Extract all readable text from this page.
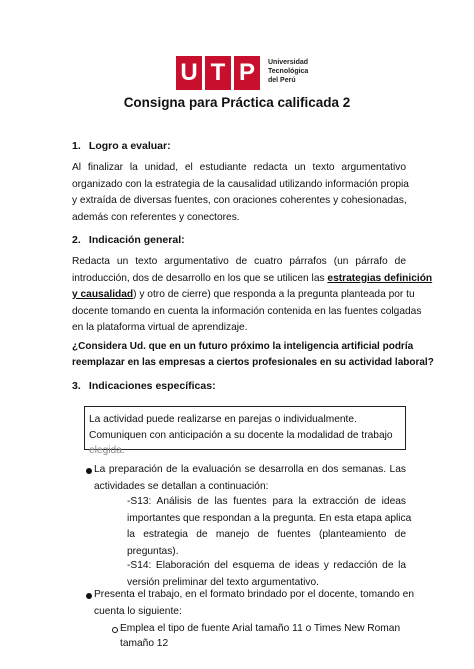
U T P	Universidad
Tecnológica
del Perú
Consigna para Práctica calificada 2
1. Logro a evaluar:
Al finalizar la unidad, el estudiante redacta un texto argumentativo
organizado con la estrategia de la causalidad utilizando información propia
y extraída de diversas fuentes, con oraciones coherentes y cohesionadas,
además con referentes y conectores.
2. Indicación general:
Redacta un texto argumentativo de cuatro párrafos (un párrafo de
introducción, dos de desarrollo en los que se utilicen las estrategias definición
y causalidad) y otro de cierre) que responda a la pregunta planteada por tu
docente tomando en cuenta la información contenida en las fuentes colgadas
en la plataforma virtual de aprendizaje.
¿Considera Ud. que en un futuro próximo la inteligencia artificial podría
reemplazar en las empresas a ciertos profesionales en su actividad laboral?
3. Indicaciones específicas:
La actividad puede realizarse en parejas o individualmente.
Comuniquen con anticipación a su docente la modalidad de trabajo
elegida.
La preparación de la evaluación se desarrolla en dos semanas. Las
actividades se detallan a continuación:
-S13: Análisis de las fuentes para la extracción de ideas
importantes que respondan a la pregunta. En esta etapa aplica
la estrategia de manejo de fuentes (planteamiento de
preguntas).
-S14: Elaboración del esquema de ideas y redacción de la
versión preliminar del texto argumentativo.
Presenta el trabajo, en el formato brindado por el docente, tomando en
cuenta lo siguiente:
Emplea el tipo de fuente Arial tamaño 11 o Times New Roman
tamaño 12
